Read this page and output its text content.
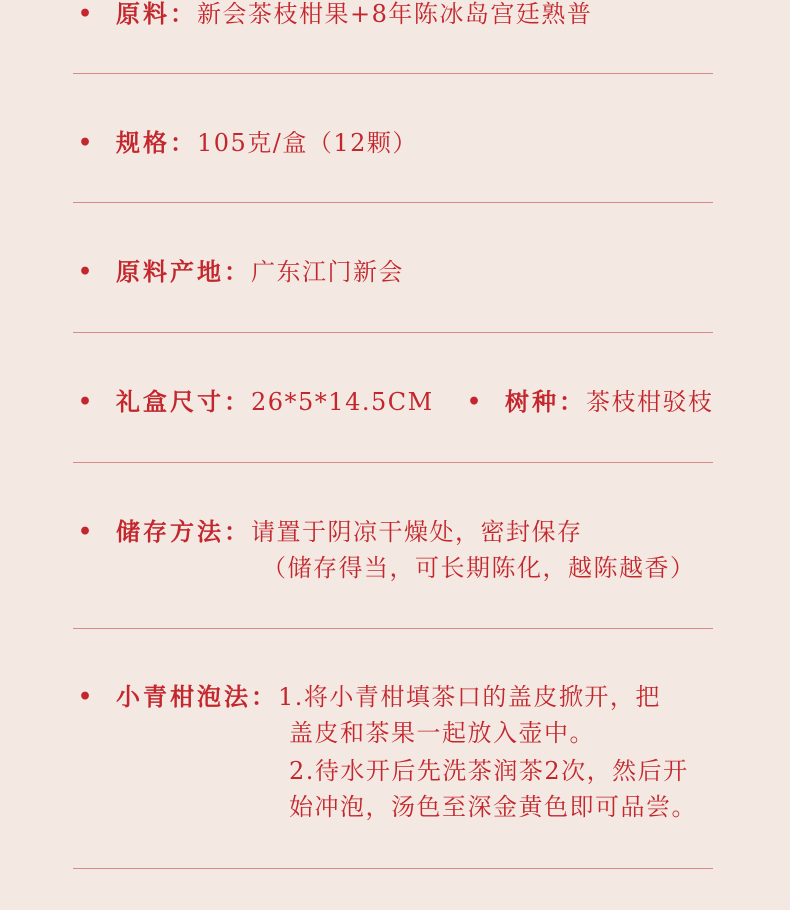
• 原料：新会茶枝柑果+8年陈冰岛宫廷熟普
• 规格：105克/盒（12颗）
• 原料产地：广东江门新会
• 礼盒尺寸：26*5*14.5CM • 树种：茶枝柑驳枝
• 储存方法：请置于阴凉干燥处，密封保存
（储存得当，可长期陈化，越陈越香）
• 小青柑泡法：1.将小青柑填茶口的盖皮掀开，把
盖皮和茶果一起放入壶中。
2.待水开后先洗茶润茶2次，然后开
始冲泡，汤色至深金黄色即可品尝。
